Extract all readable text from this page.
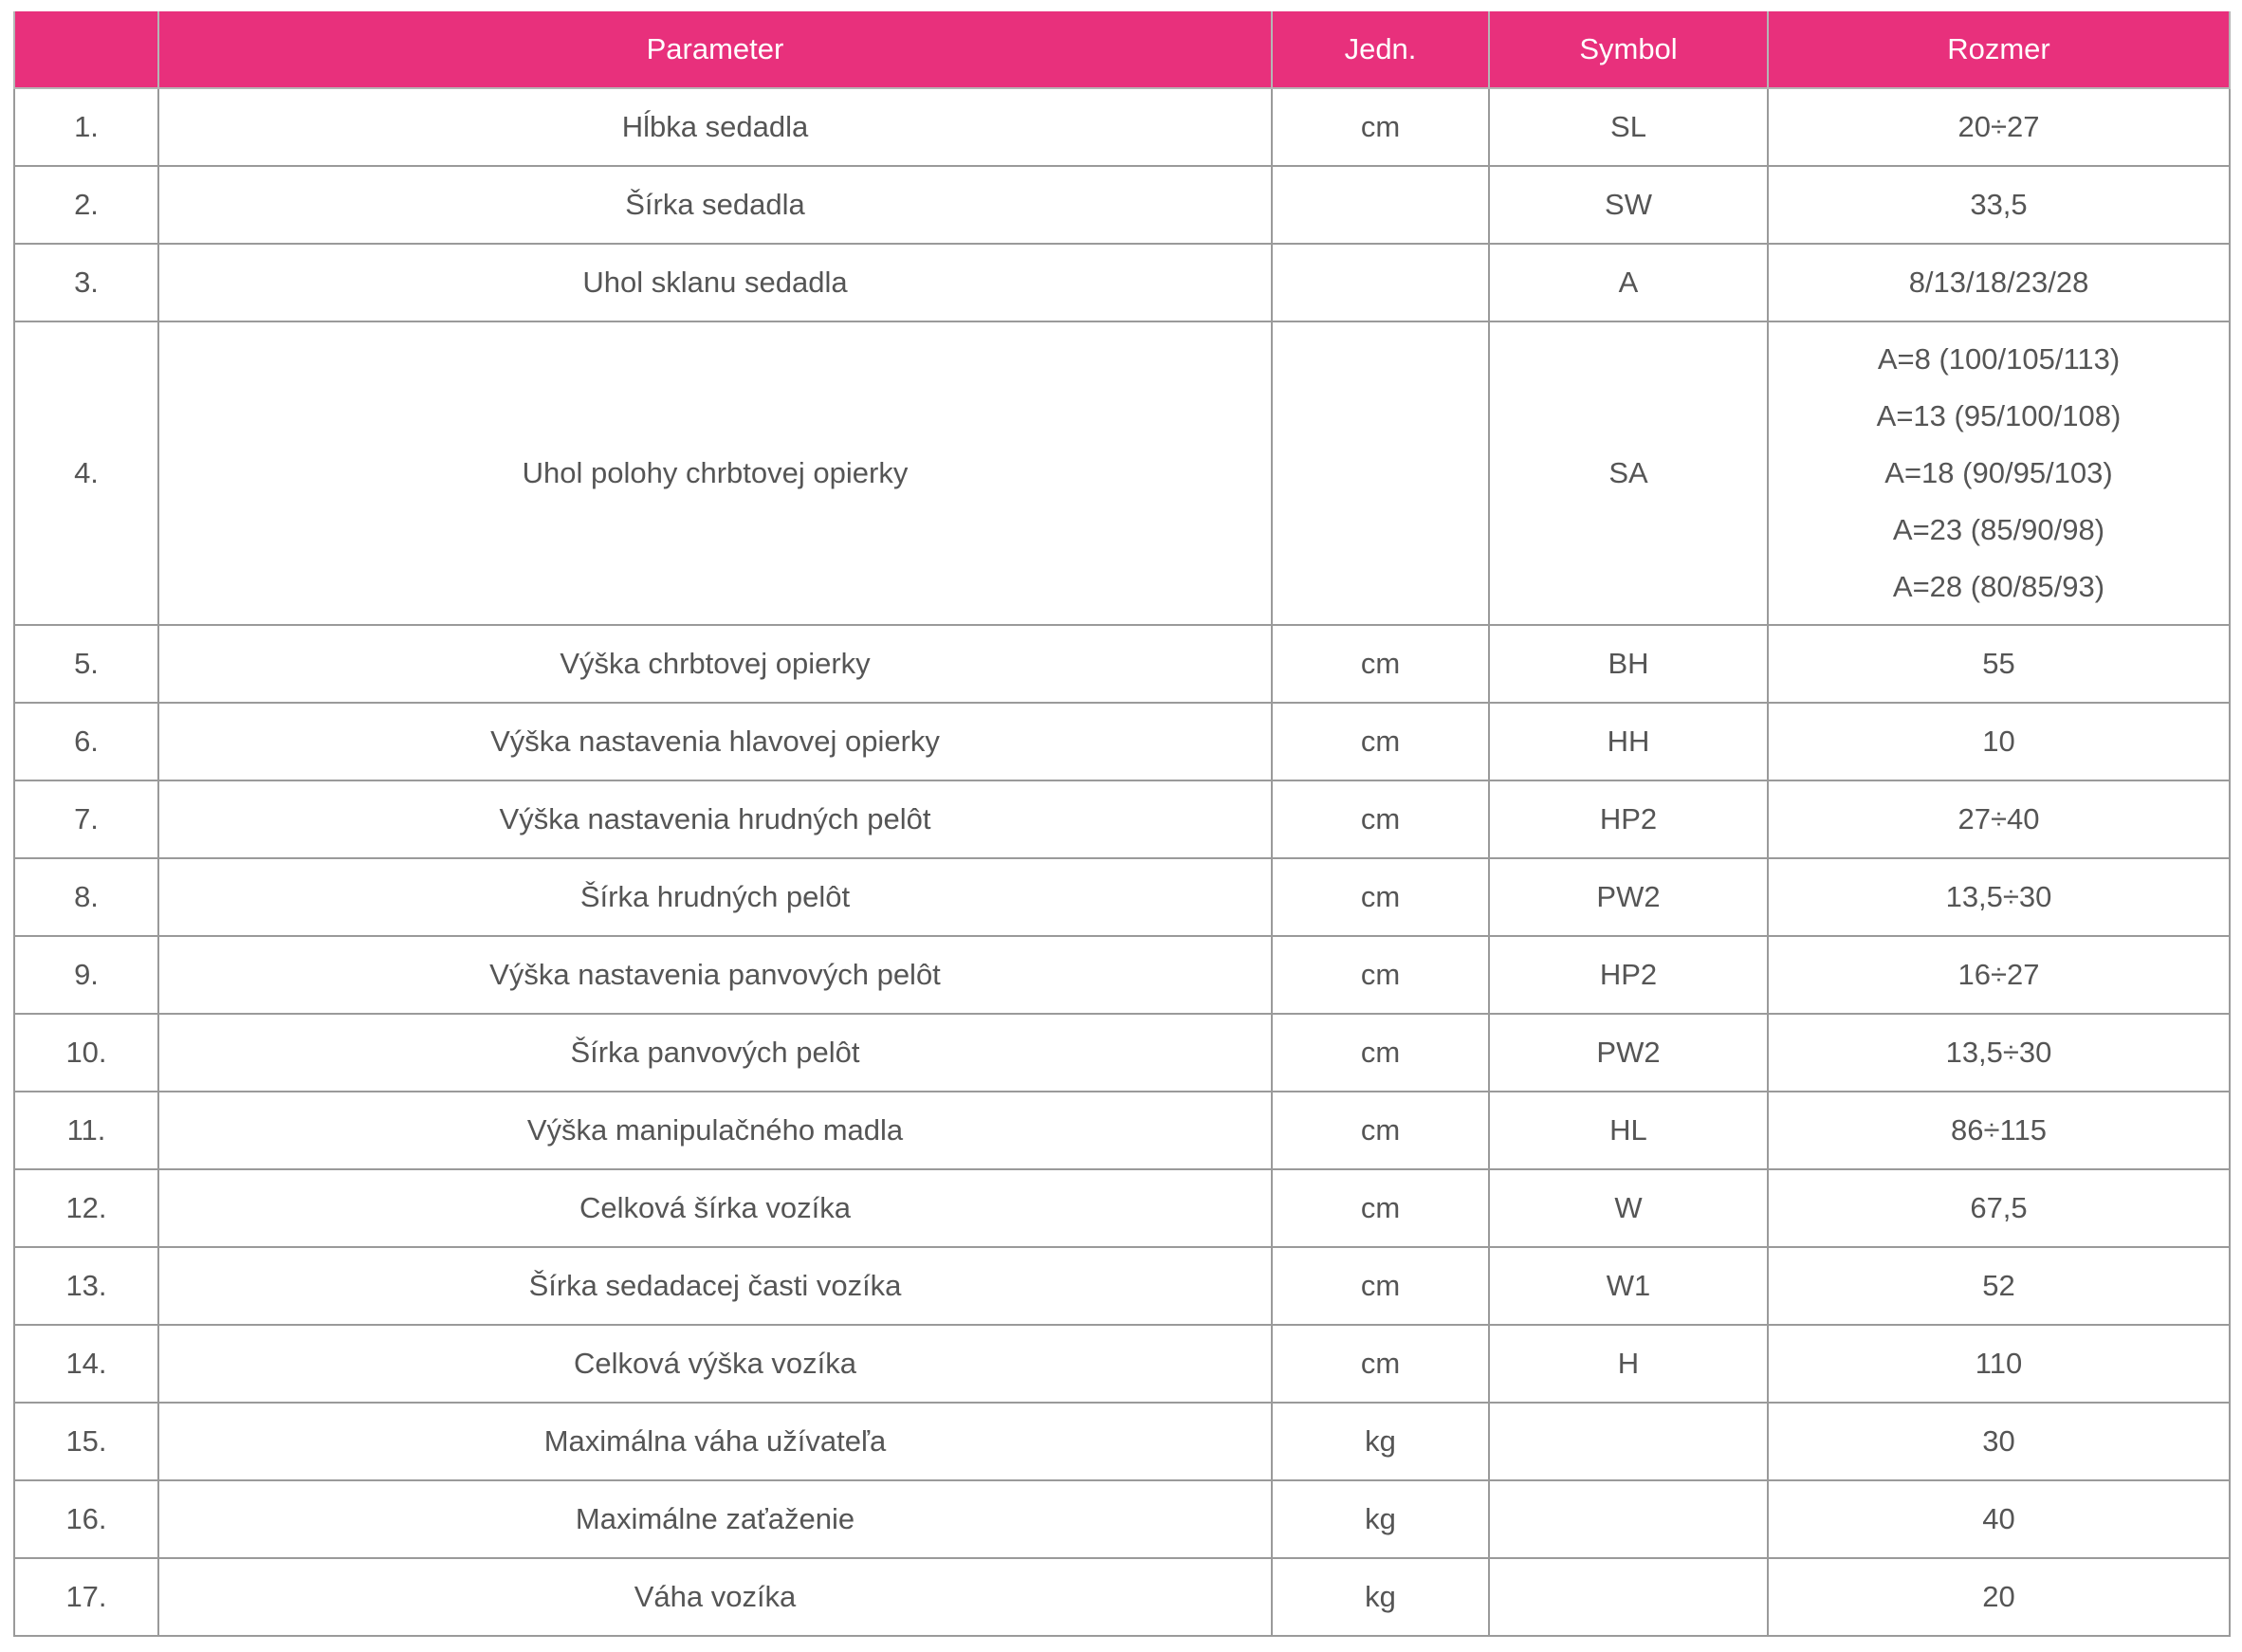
	Parameter	Jedn.	Symbol	Rozmer
1.	Hĺbka sedadla	cm	SL	20÷27
2.	Šírka sedadla		SW	33,5
3.	Uhol sklanu sedadla		A	8/13/18/23/28
4.	Uhol polohy chrbtovej opierky		SA	A=8 (100/105/113)
A=13 (95/100/108)
A=18 (90/95/103)
A=23 (85/90/98)
A=28 (80/85/93)

5.	Výška chrbtovej opierky	cm	BH	55
6.	Výška nastavenia hlavovej opierky	cm	HH	10
7.	Výška nastavenia hrudných pelôt	cm	HP2	27÷40
8.	Šírka hrudných pelôt	cm	PW2	13,5÷30
9.	Výška nastavenia panvových pelôt	cm	HP2	16÷27
10.	Šírka panvových pelôt	cm	PW2	13,5÷30
11.	Výška manipulačného madla	cm	HL	86÷115
12.	Celková šírka vozíka	cm	W	67,5
13.	Šírka sedadacej časti vozíka	cm	W1	52
14.	Celková výška vozíka	cm	H	110
15.	Maximálna váha užívateľa	kg		30
16.	Maximálne zaťaženie	kg		40
17.	Váha vozíka	kg		20
